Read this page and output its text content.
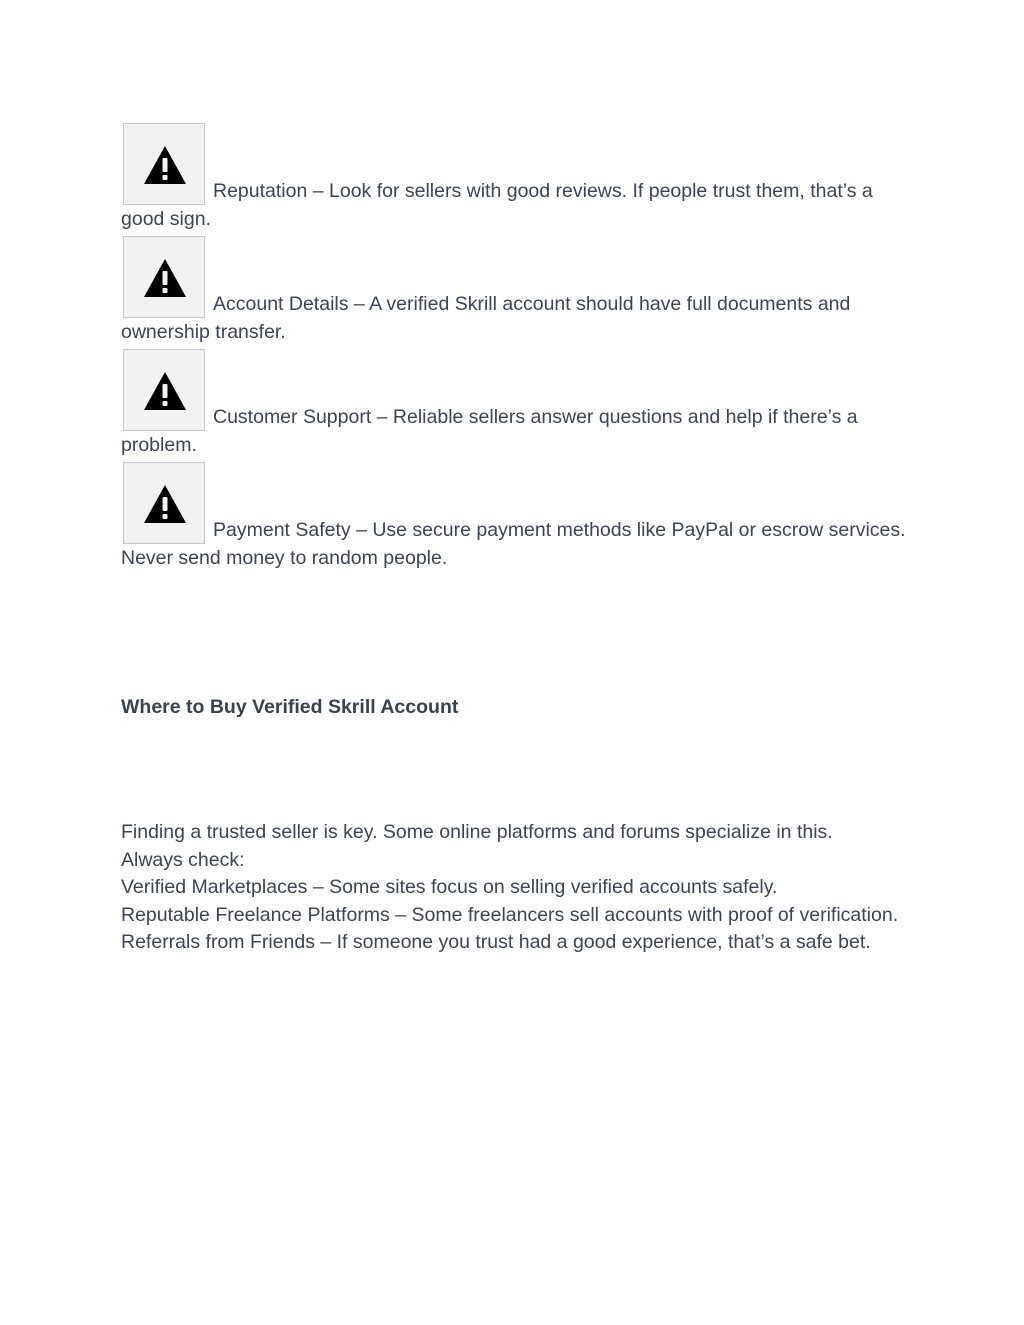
Reputation – Look for sellers with good reviews. If people trust them, that’s a good sign.
Account Details – A verified Skrill account should have full documents and ownership transfer.
Customer Support – Reliable sellers answer questions and help if there’s a problem.
Payment Safety – Use secure payment methods like PayPal or escrow services. Never send money to random people.
Where to Buy Verified Skrill Account

Finding a trusted seller is key. Some online platforms and forums specialize in this.

Always check:

Verified Marketplaces – Some sites focus on selling verified accounts safely.

Reputable Freelance Platforms – Some freelancers sell accounts with proof of verification.

Referrals from Friends – If someone you trust had a good experience, that’s a safe bet.
